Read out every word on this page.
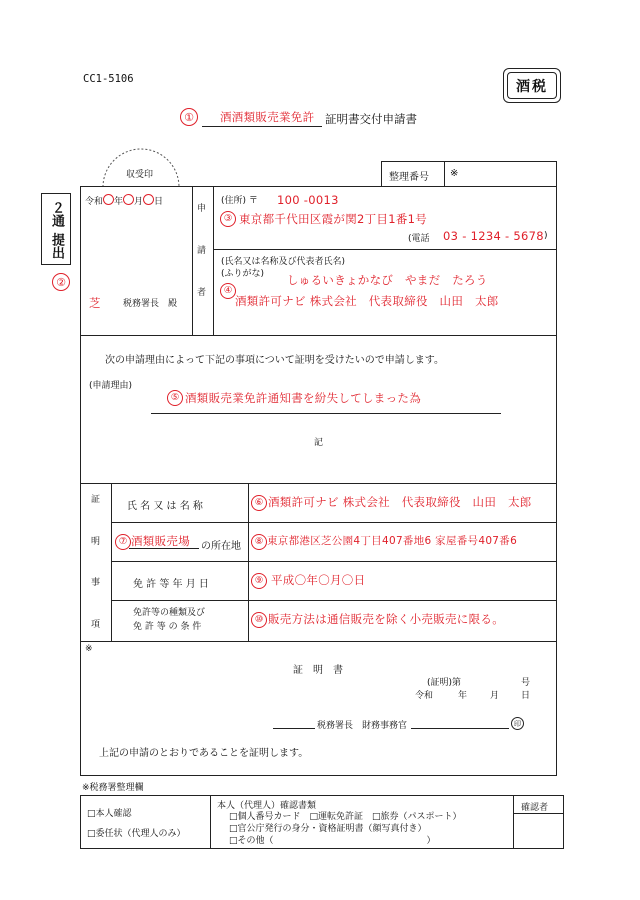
CC1-5106	酒税
①	酒酒類販売業免許 証明書交付申請書
収受印	整理番号 ※
２通
提出
②
令和 年 月 日
芝 税務署長　殿
申
請
者
(住所) 〒 100 -0013
③ 東京都千代田区霞が関2丁目1番1号
(電話 03 - 1234 - 5678 )
(氏名又は名称及び代表者氏名)
(ふりがな) しゅるいきょかなび　やまだ　たろう
④
酒類許可ナビ 株式会社　代表取締役　山田　太郎
次の申請理由によって下記の事項について証明を受けたいので申請します。
(申請理由)
⑤ 酒類販売業免許通知書を紛失してしまった為
記
証
明
事
項
氏 名 又 は 名 称	⑥ 酒類許可ナビ 株式会社　代表取締役　山田　太郎
⑦ 酒類販売場 の所在地	⑧ 東京都港区芝公園4丁目407番地6 家屋番号407番6
免 許 等 年 月 日	⑨ 平成〇年〇月〇日
免許等の種類及び
免 許 等 の 条 件
⑩ 販売方法は通信販売を除く小売販売に限る。
※
証　明　書
(証明)第	号
令和	年	月 日
税務署長　財務事務官	印
上記の申請のとおりであることを証明します。
※税務署整理欄
□本人確認
□委任状（代理人のみ）
本人（代理人）確認書類
□個人番号カード　□運転免許証　□旅券（パスポート）
□官公庁発行の身分・資格証明書（顔写真付き）
□その他（　　　　　　　　　　　　　　　　　）
確認者
